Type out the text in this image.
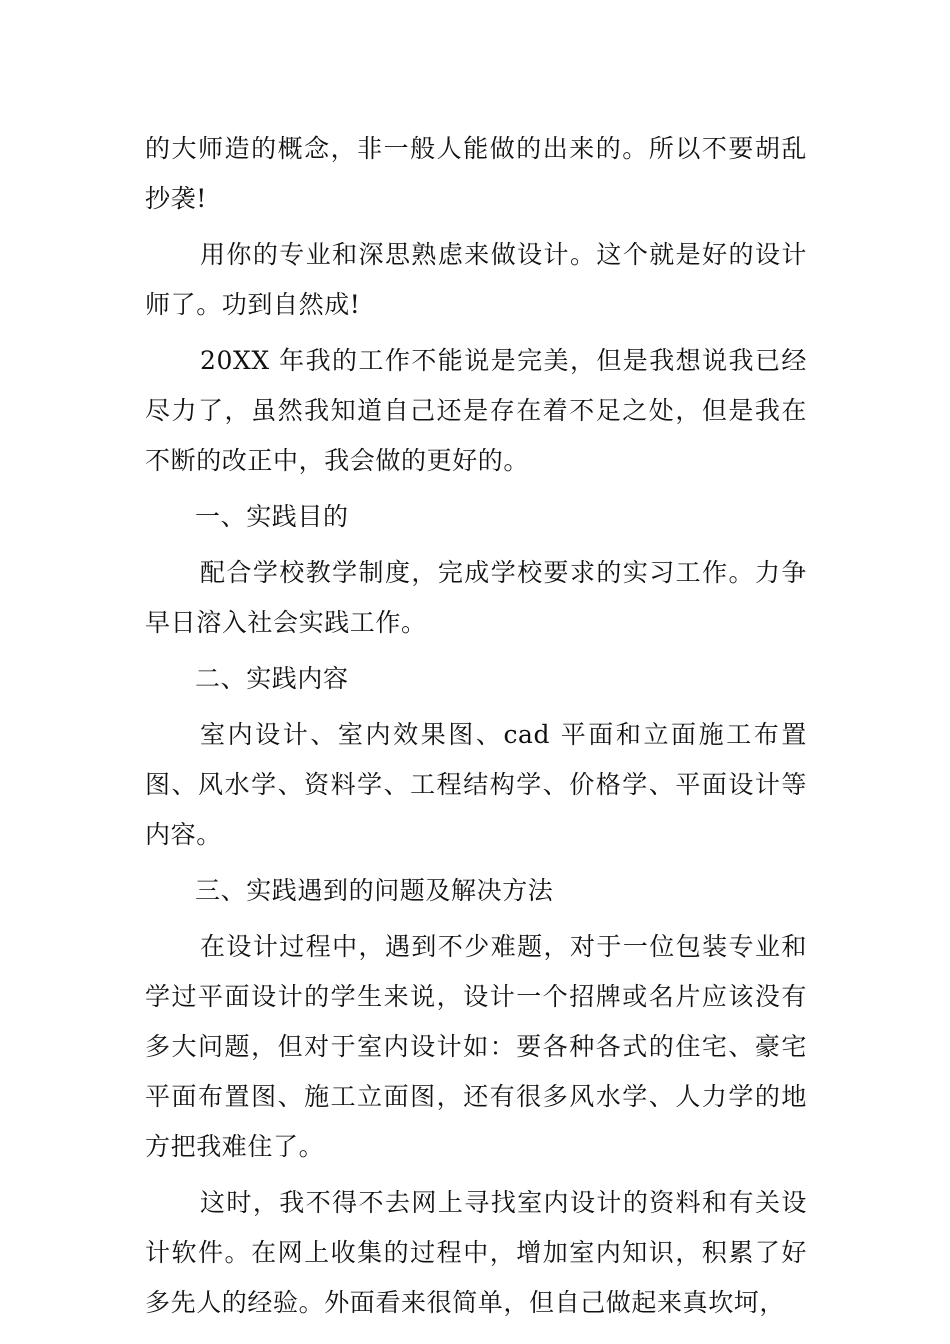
的大师造的概念，非一般人能做的出来的。所以不要胡乱抄袭!

用你的专业和深思熟虑来做设计。这个就是好的设计师了。功到自然成!

20XX 年我的工作不能说是完美，但是我想说我已经尽力了，虽然我知道自己还是存在着不足之处，但是我在不断的改正中，我会做的更好的。

一、实践目的

配合学校教学制度，完成学校要求的实习工作。力争早日溶入社会实践工作。

二、实践内容

室内设计、室内效果图、cad 平面和立面施工布置图、风水学、资料学、工程结构学、价格学、平面设计等内容。

三、实践遇到的问题及解决方法

在设计过程中，遇到不少难题，对于一位包装专业和学过平面设计的学生来说，设计一个招牌或名片应该没有多大问题，但对于室内设计如：要各种各式的住宅、豪宅平面布置图、施工立面图，还有很多风水学、人力学的地方把我难住了。

这时，我不得不去网上寻找室内设计的资料和有关设计软件。在网上收集的过程中，增加室内知识，积累了好多先人的经验。外面看来很简单，但自己做起来真坎坷，
